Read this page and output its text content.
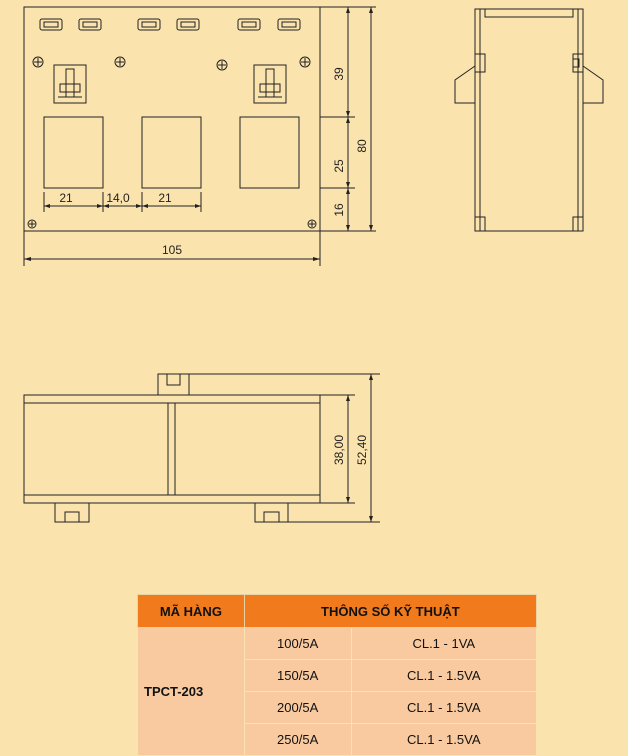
105
21	14,0 21
39
25
16
80
38,00 52,40
MÃ HÀNG	THÔNG SỐ KỸ THUẬT	
TPCT-203	100/5A	CL.1 - 1VA
	150/5A	CL.1 - 1.5VA
	200/5A	CL.1 - 1.5VA
	250/5A	CL.1 - 1.5VA
